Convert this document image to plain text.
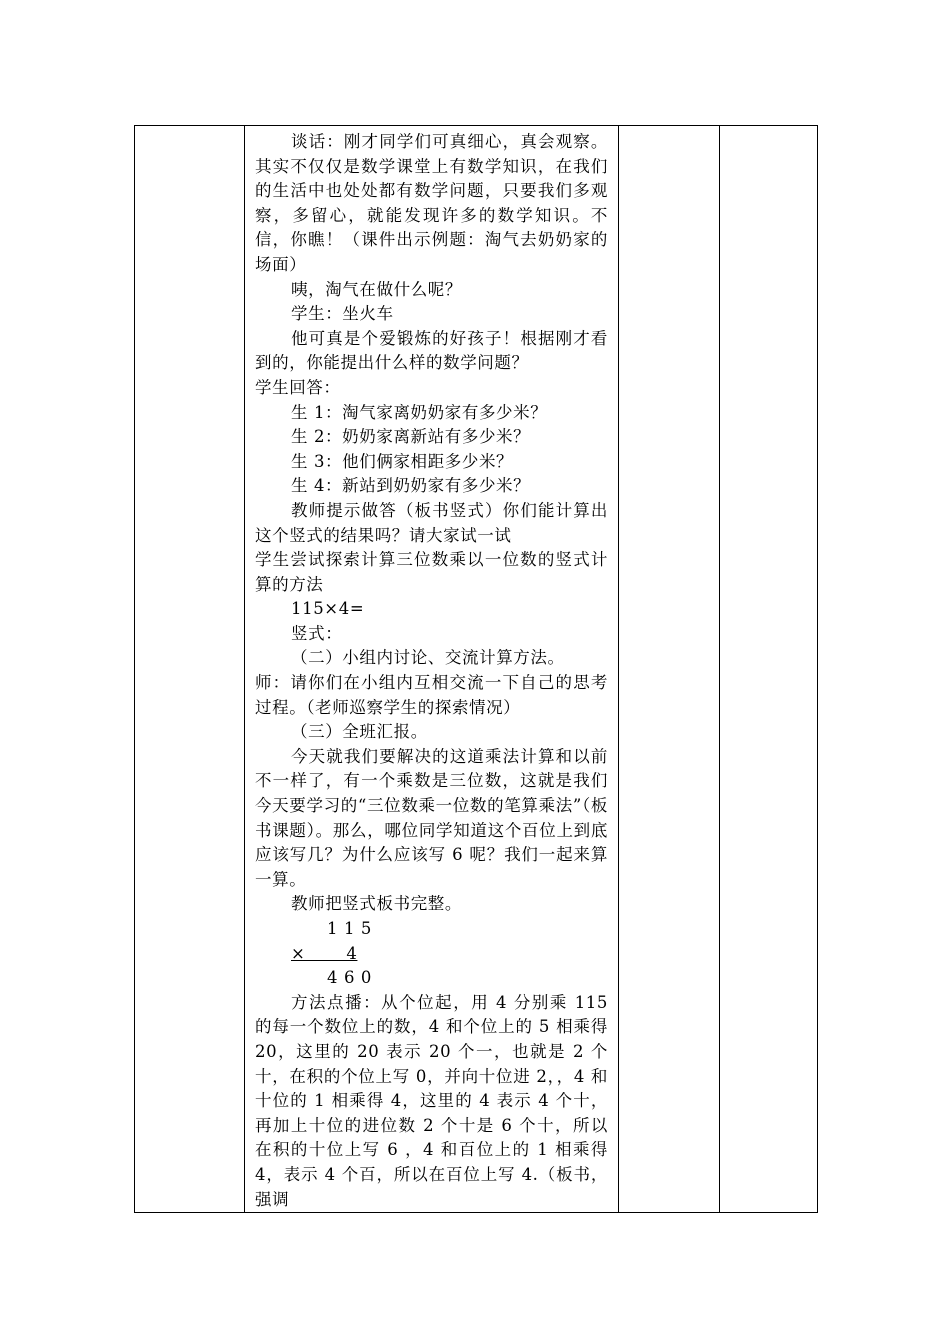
谈话：刚才同学们可真细心，真会观察。其实不仅仅是数学课堂上有数学知识，在我们的生活中也处处都有数学问题，只要我们多观察，多留心，就能发现许多的数学知识。不信，你瞧！（课件出示例题：淘气去奶奶家的场面）

咦，淘气在做什么呢？

学生：坐火车

他可真是个爱锻炼的好孩子！根据刚才看到的，你能提出什么样的数学问题？

学生回答：

生 1：淘气家离奶奶家有多少米？

生 2：奶奶家离新站有多少米？

生 3：他们俩家相距多少米？

生 4：新站到奶奶家有多少米？

教师提示做答（板书竖式）你们能计算出这个竖式的结果吗？请大家试一试

学生尝试探索计算三位数乘以一位数的竖式计算的方法

115×4=

竖式：

（二）小组内讨论、交流计算方法。

师：请你们在小组内互相交流一下自己的思考过程。（老师巡察学生的探索情况）

（三）全班汇报。

今天就我们要解决的这道乘法计算和以前不一样了，有一个乘数是三位数，这就是我们今天要学习的“三位数乘一位数的笔算乘法”（板书课题）。那么，哪位同学知道这个百位上到底应该写几？为什么应该写 6 呢？我们一起来算一算。

教师把竖式板书完整。

1 1 5

×       4

4 6 0

方法点播：从个位起，用 4 分别乘 115的每一个数位上的数，4 和个位上的 5 相乘得 20，这里的 20 表示 20 个一，也就是 2 个十，在积的个位上写 0，并向十位进 2，，4 和十位的 1 相乘得 4，这里的 4 表示 4 个十，再加上十位的进位数 2 个十是 6 个十，所以在积的十位上写 6 ，4 和百位上的 1 相乘得 4，表示 4 个百，所以在百位上写 4.（板书，强调
